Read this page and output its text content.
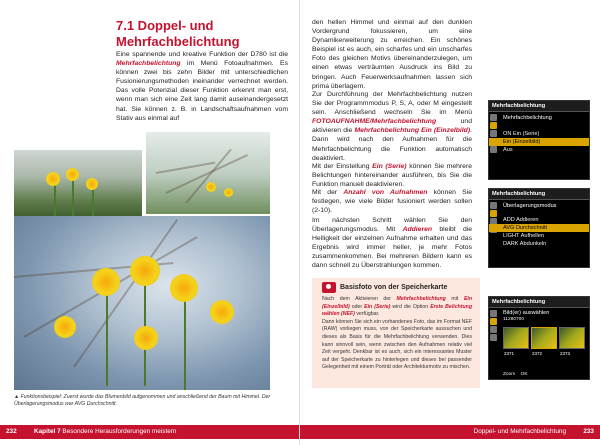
7.1 Doppel- und
Mehrfachbelichtung

Eine spannende und kreative Funktion der D780 ist die Mehrfachbelichtung im Menü Fotoaufnahmen. Es können zwei bis zehn Bilder mit unterschiedlichen Fusionierungsmethoden ineinander verrechnet werden. Das volle Potenzial dieser Funktion erkennt man erst, wenn man sich eine Zeit lang damit auseinandergesetzt hat. Sie können z. B. in Landschaftsaufnahmen vom Stativ aus einmal auf

▲ Funktionsbeispiel: Zuerst wurde das Blumenbild aufgenommen und anschließend der Baum mit Himmel. Der Überlagerungsmodus war AVG Durchschnitt.

232	Kapitel 7 Besondere Herausforderungen meistern

den hellen Himmel und einmal auf den dunklen Vordergrund fokussieren, um eine Dynamikerweiterung zu erreichen. Ein schönes Beispiel ist es auch, ein scharfes und ein unscharfes Foto des gleichen Motivs übereinanderzulegen, um einen etwas verträumten Ausdruck ins Bild zu bringen. Auch Feuerwerksaufnahmen lassen sich prima überlagern.

Zur Durchführung der Mehrfachbelichtung nutzen Sie der Programmmodus P, S, A, oder M eingestellt sein. Anschließend wechseln Sie im Menü FOTOAUFNAHME/Mehrfachbelichtung	und aktivieren die Mehrfachbelichtung Ein (Einzelbild). Dann wird nach den Aufnahmen für die Mehrfachbelichtung die Funktion automatisch deaktiviert.

Mit der Einstellung Ein (Serie) können Sie mehrere Belichtungen hintereinander ausführen, bis Sie die Funktion manuell deaktivieren.

Mit der Anzahl von Aufnahmen können Sie festlegen, wie viele Bilder fusioniert werden sollen (2-10).

Im nächsten Schritt wählen Sie den Überlagerungsmodus. Mit Addieren bleibt die Helligkeit der einzelnen Aufnahme erhalten und das Ergebnis wird immer heller, je mehr Fotos zusammenkommen. Bei mehreren Bildern kann es dann schnell zu Überstrahlungen kommen.

Mehrfachbelichtung
Mehrfachbelichtung
ON Ein (Serie)
Ein (Einzelbild)
Aus
Mehrfachbelichtung
Überlagerungsmodus
ADD Addieren
AVG Durchschnitt
LIGHT Aufhellen
DARK Abdunkeln
Mehrfachbelichtung
Bild(er) auswählen
11280700
2371	2372	2373
Zoom OK
Basisfoto von der Speicherkarte

Nach dem Aktivieren der Mehrfachbelichtung mit Ein (Einzelbild) oder Ein (Serie) wird die Option Erste Belichtung wählen (NEF) verfügbar.
Dann können Sie sich ein vorhandenes Foto, das im Format NEF (RAW) vorliegen muss, von der Speicherkarte aussuchen und dieses als Basis für die Mehrfachbelichtung verwenden. Dies kann sinnvoll sein, wenn zwischen den Aufnahmen relativ viel Zeit vergeht. Denkbar ist es auch, sich ein interessantes Muster auf der Speicherkarte zu hinterlegen und dieses bei passender Gelegenheit mit einem Porträt oder Architekturmotiv zu mischen.

Doppel- und Mehrfachbelichtung	233
